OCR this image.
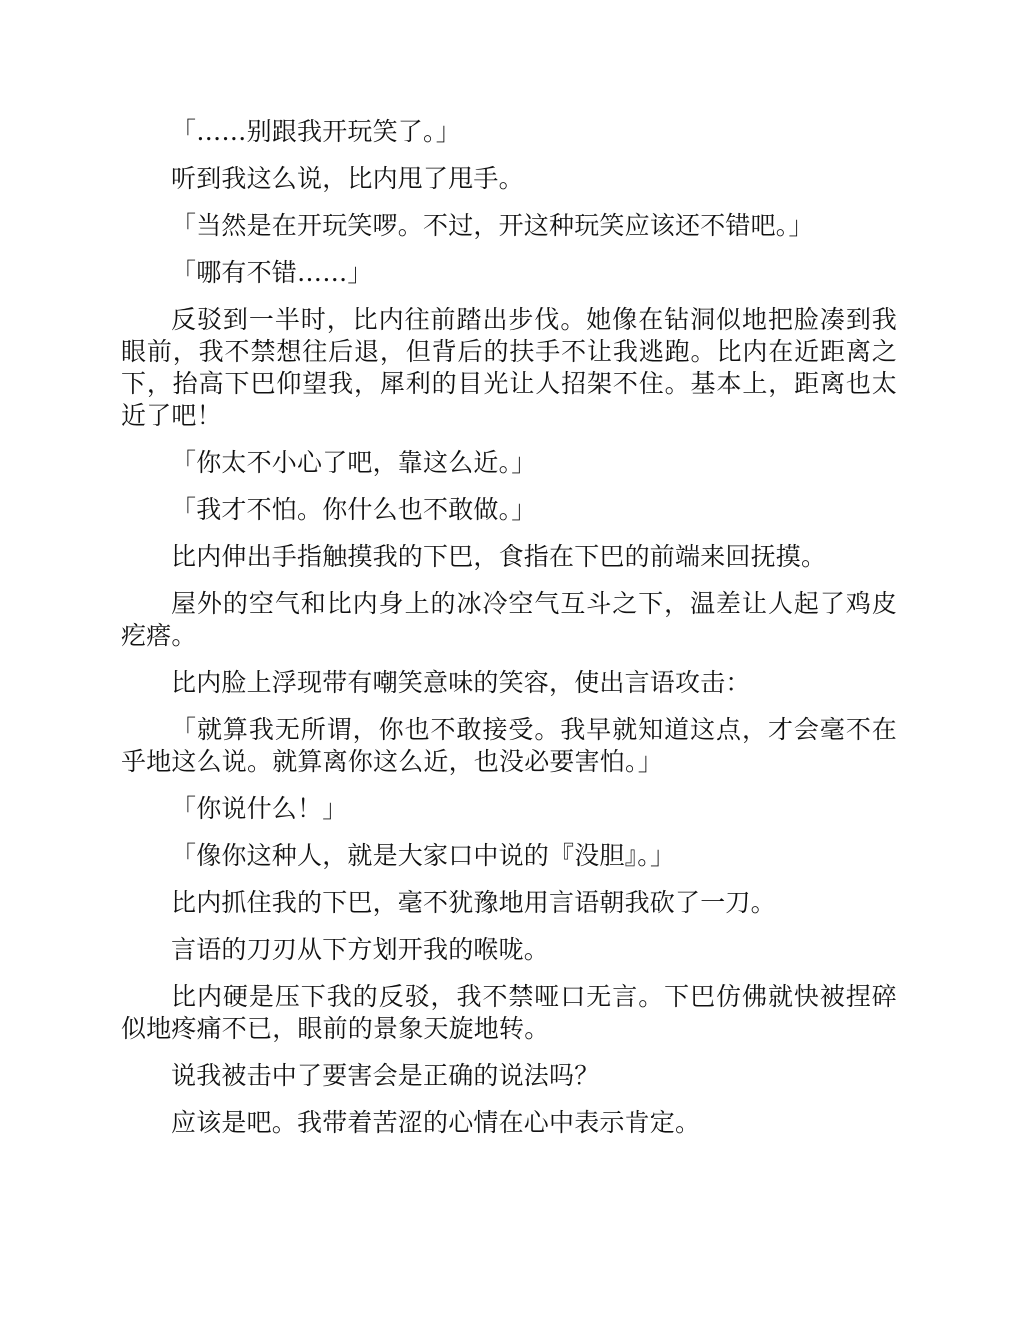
「……别跟我开玩笑了。」

听到我这么说，比内甩了甩手。

「当然是在开玩笑啰。不过，开这种玩笑应该还不错吧。」

「哪有不错……」

反驳到一半时，比内往前踏出步伐。她像在钻洞似地把脸凑到我眼前，我不禁想往后退，但背后的扶手不让我逃跑。比内在近距离之下，抬高下巴仰望我，犀利的目光让人招架不住。基本上，距离也太近了吧！

「你太不小心了吧，靠这么近。」

「我才不怕。你什么也不敢做。」

比内伸出手指触摸我的下巴，食指在下巴的前端来回抚摸。

屋外的空气和比内身上的冰冷空气互斗之下，温差让人起了鸡皮疙瘩。

比内脸上浮现带有嘲笑意味的笑容，使出言语攻击：

「就算我无所谓，你也不敢接受。我早就知道这点，才会毫不在乎地这么说。就算离你这么近，也没必要害怕。」

「你说什么！」

「像你这种人，就是大家口中说的『没胆』。」

比内抓住我的下巴，毫不犹豫地用言语朝我砍了一刀。

言语的刀刃从下方划开我的喉咙。

比内硬是压下我的反驳，我不禁哑口无言。下巴仿佛就快被捏碎似地疼痛不已，眼前的景象天旋地转。

说我被击中了要害会是正确的说法吗？

应该是吧。我带着苦涩的心情在心中表示肯定。
